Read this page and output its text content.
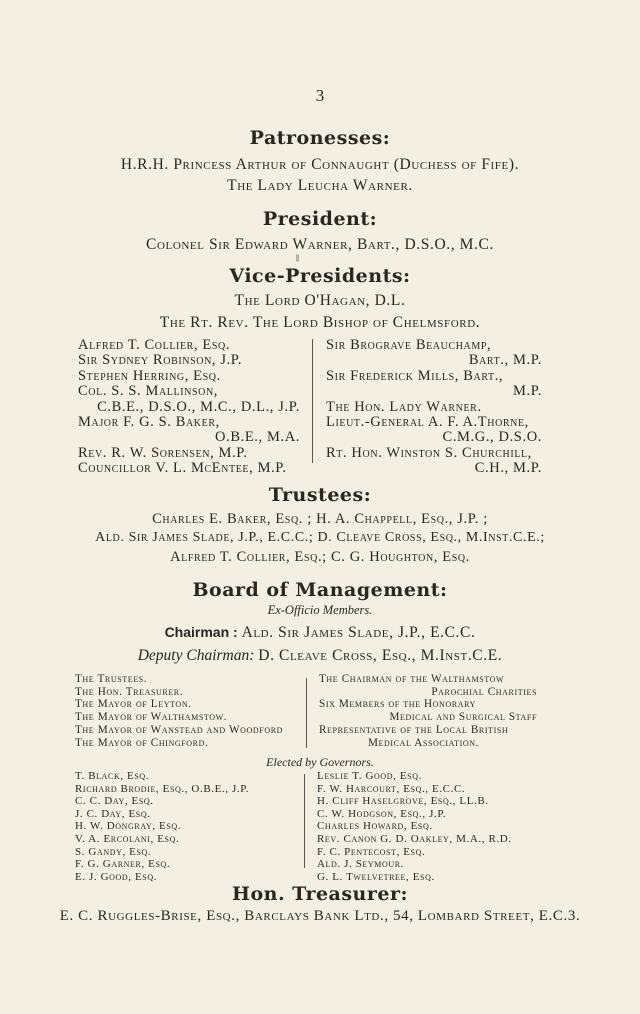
3
Patronesses:
H.R.H. Princess Arthur of Connaught (Duchess of Fife).
The Lady Leucha Warner.
President:
Colonel Sir Edward Warner, Bart., D.S.O., M.C.
Vice-Presidents:
The Lord O'Hagan, D.L.
The Rt. Rev. The Lord Bishop of Chelmsford.
Alfred T. Collier, Esq.
Sir Sydney Robinson, J.P.
Stephen Herring, Esq.
Col. S. S. Mallinson,
C.B.E., D.S.O., M.C., D.L., J.P.
Major F. G. S. Baker,
O.B.E., M.A.
Rev. R. W. Sorensen, M.P.
Councillor V. L. McEntee, M.P.
Sir Brograve Beauchamp,
Bart., M.P.
Sir Frederick Mills, Bart.,
M.P.
The Hon. Lady Warner.
Lieut.-General A. F. A.Thorne,
C.M.G., D.S.O.
Rt. Hon. Winston S. Churchill,
C.H., M.P.
Trustees:
Charles E. Baker, Esq. ; H. A. Chappell, Esq., J.P. ;
Ald. Sir James Slade, J.P., E.C.C.; D. Cleave Cross, Esq., M.Inst.C.E.;
Alfred T. Collier, Esq.; C. G. Houghton, Esq.
Board of Management:
Ex-Officio Members.
Chairman : Ald. Sir James Slade, J.P., E.C.C.
Deputy Chairman: D. Cleave Cross, Esq., M.Inst.C.E.
The Trustees.
The Hon. Treasurer.
The Mayor of Leyton.
The Mayor of Walthamstow.
The Mayor of Wanstead and Woodford
The Mayor of Chingford.
The Chairman of the Walthamstow
Parochial Charities
Six Members of the Honorary
Medical and Surgical Staff
Representative of the Local British
Medical Association.
Elected by Governors.
T. Black, Esq.
Richard Brodie, Esq., O.B.E., J.P.
C. C. Day, Esq.
J. C. Day, Esq.
H. W. Dongray, Esq.
V. A. Ercolani, Esq.
S. Gandy, Esq.
F. G. Garner, Esq.
E. J. Good, Esq.
Leslie T. Good, Esq.
F. W. Harcourt, Esq., E.C.C.
H. Cliff Haselgrove, Esq., LL.B.
C. W. Hodgson, Esq., J.P.
Charles Howard, Esq.
Rev. Canon G. D. Oakley, M.A., R.D.
F. C. Pentecost, Esq.
Ald. J. Seymour.
G. L. Twelvetree, Esq.
Hon. Treasurer:
E. C. Ruggles-Brise, Esq., Barclays Bank Ltd., 54, Lombard Street, E.C.3.
